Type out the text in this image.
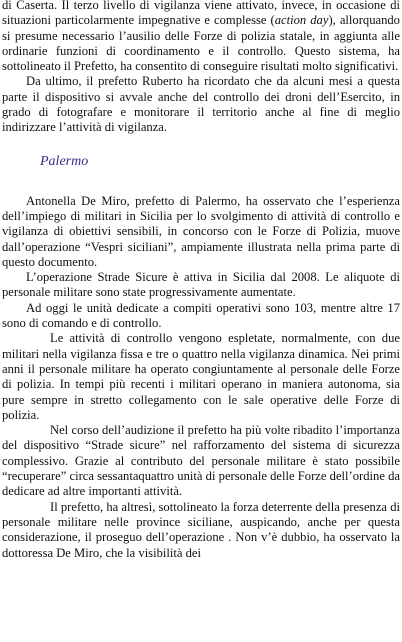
di Caserta. Il terzo livello di vigilanza viene attivato, invece, in occasione di situazioni particolarmente impegnative e complesse (action day), allorquando si presume necessario l’ausilio delle Forze di polizia statale, in aggiunta alle ordinarie funzioni di coordinamento e il controllo. Questo sistema, ha sottolineato il Prefetto, ha consentito di conseguire risultati molto significativi.

Da ultimo, il prefetto Ruberto ha ricordato che da alcuni mesi a questa parte il dispositivo si avvale anche del controllo dei droni dell’Esercito, in grado di fotografare e monitorare il territorio anche al fine di meglio indirizzare l’attività di vigilanza.

Palermo

Antonella De Miro, prefetto di Palermo, ha osservato che l’esperienza dell’impiego di militari in Sicilia per lo svolgimento di attività di controllo e vigilanza di obiettivi sensibili, in concorso con le Forze di Polizia, muove dall’operazione “Vespri siciliani”, ampiamente illustrata nella prima parte di questo documento.

L’operazione Strade Sicure è attiva in Sicilia dal 2008. Le aliquote di personale militare sono state progressivamente aumentate.

Ad oggi le unità dedicate a compiti operativi sono 103, mentre altre 17 sono di comando e di controllo.

Le attività di controllo vengono espletate, normalmente, con due militari nella vigilanza fissa e tre o quattro nella vigilanza dinamica. Nei primi anni il personale militare ha operato congiuntamente al personale delle Forze di polizia. In tempi più recenti i militari operano in maniera autonoma, sia pure sempre in stretto collegamento con le sale operative delle Forze di polizia.

Nel corso dell’audizione il prefetto ha più volte ribadito l’importanza del dispositivo “Strade sicure” nel rafforzamento del sistema di sicurezza complessivo. Grazie al contributo del personale militare è stato possibile “recuperare” circa sessantaquattro unità di personale delle Forze dell’ordine da dedicare ad altre importanti attività.

Il prefetto, ha altresì, sottolineato la forza deterrente della presenza di personale militare nelle province siciliane, auspicando, anche per questa considerazione, il proseguo dell’operazione . Non v’è dubbio, ha osservato la dottoressa De Miro, che la visibilità dei
